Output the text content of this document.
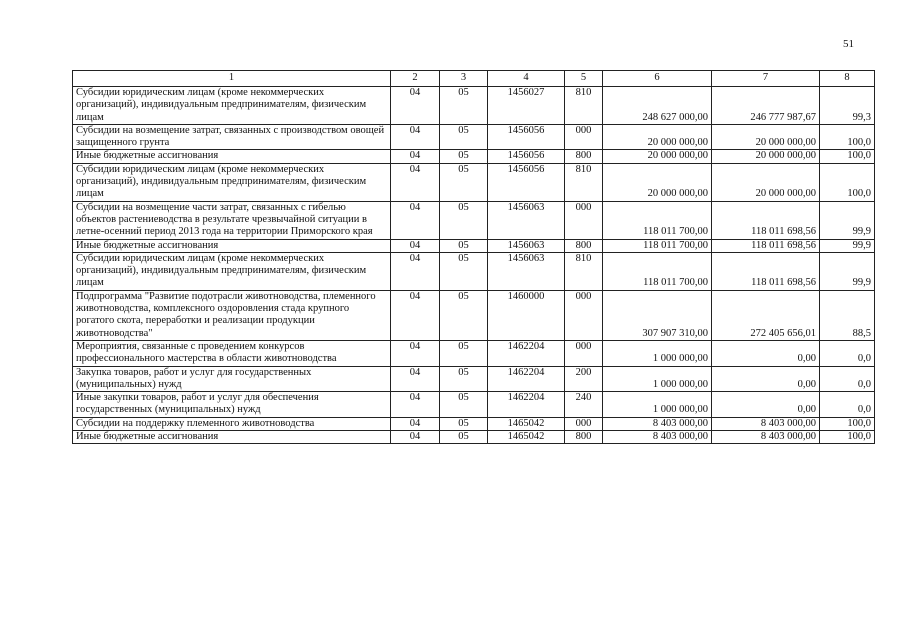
51
1	2	3	4	5	6	7	8
Субсидии юридическим лицам (кроме некоммерческих организаций), индивидуальным предпринимателям, физическим лицам	04	05	1456027	810	248 627 000,00	246 777 987,67	99,3
Субсидии на возмещение затрат, связанных с производством овощей защищенного грунта	04	05	1456056	000	20 000 000,00	20 000 000,00	100,0
Иные бюджетные ассигнования	04	05	1456056	800	20 000 000,00	20 000 000,00	100,0
Субсидии юридическим лицам (кроме некоммерческих организаций), индивидуальным предпринимателям, физическим лицам	04	05	1456056	810	20 000 000,00	20 000 000,00	100,0
Субсидии на возмещение части затрат, связанных с гибелью объектов растениеводства в результате чрезвычайной ситуации в летне-осенний период 2013 года на территории Приморского края	04	05	1456063	000	118 011 700,00	118 011 698,56	99,9
Иные бюджетные ассигнования	04	05	1456063	800	118 011 700,00	118 011 698,56	99,9
Субсидии юридическим лицам (кроме некоммерческих организаций), индивидуальным предпринимателям, физическим лицам	04	05	1456063	810	118 011 700,00	118 011 698,56	99,9
Подпрограмма "Развитие подотрасли животноводства, племенного животноводства, комплексного оздоровления стада крупного рогатого скота, переработки и реализации продукции животноводства"	04	05	1460000	000	307 907 310,00	272 405 656,01	88,5
Мероприятия, связанные с проведением конкурсов профессионального мастерства в области животноводства	04	05	1462204	000	1 000 000,00	0,00	0,0
Закупка товаров, работ и услуг для государственных (муниципальных) нужд	04	05	1462204	200	1 000 000,00	0,00	0,0
Иные закупки товаров, работ и услуг для обеспечения государственных (муниципальных) нужд	04	05	1462204	240	1 000 000,00	0,00	0,0
Субсидии на поддержку племенного животноводства	04	05	1465042	000	8 403 000,00	8 403 000,00	100,0
Иные бюджетные ассигнования	04	05	1465042	800	8 403 000,00	8 403 000,00	100,0
